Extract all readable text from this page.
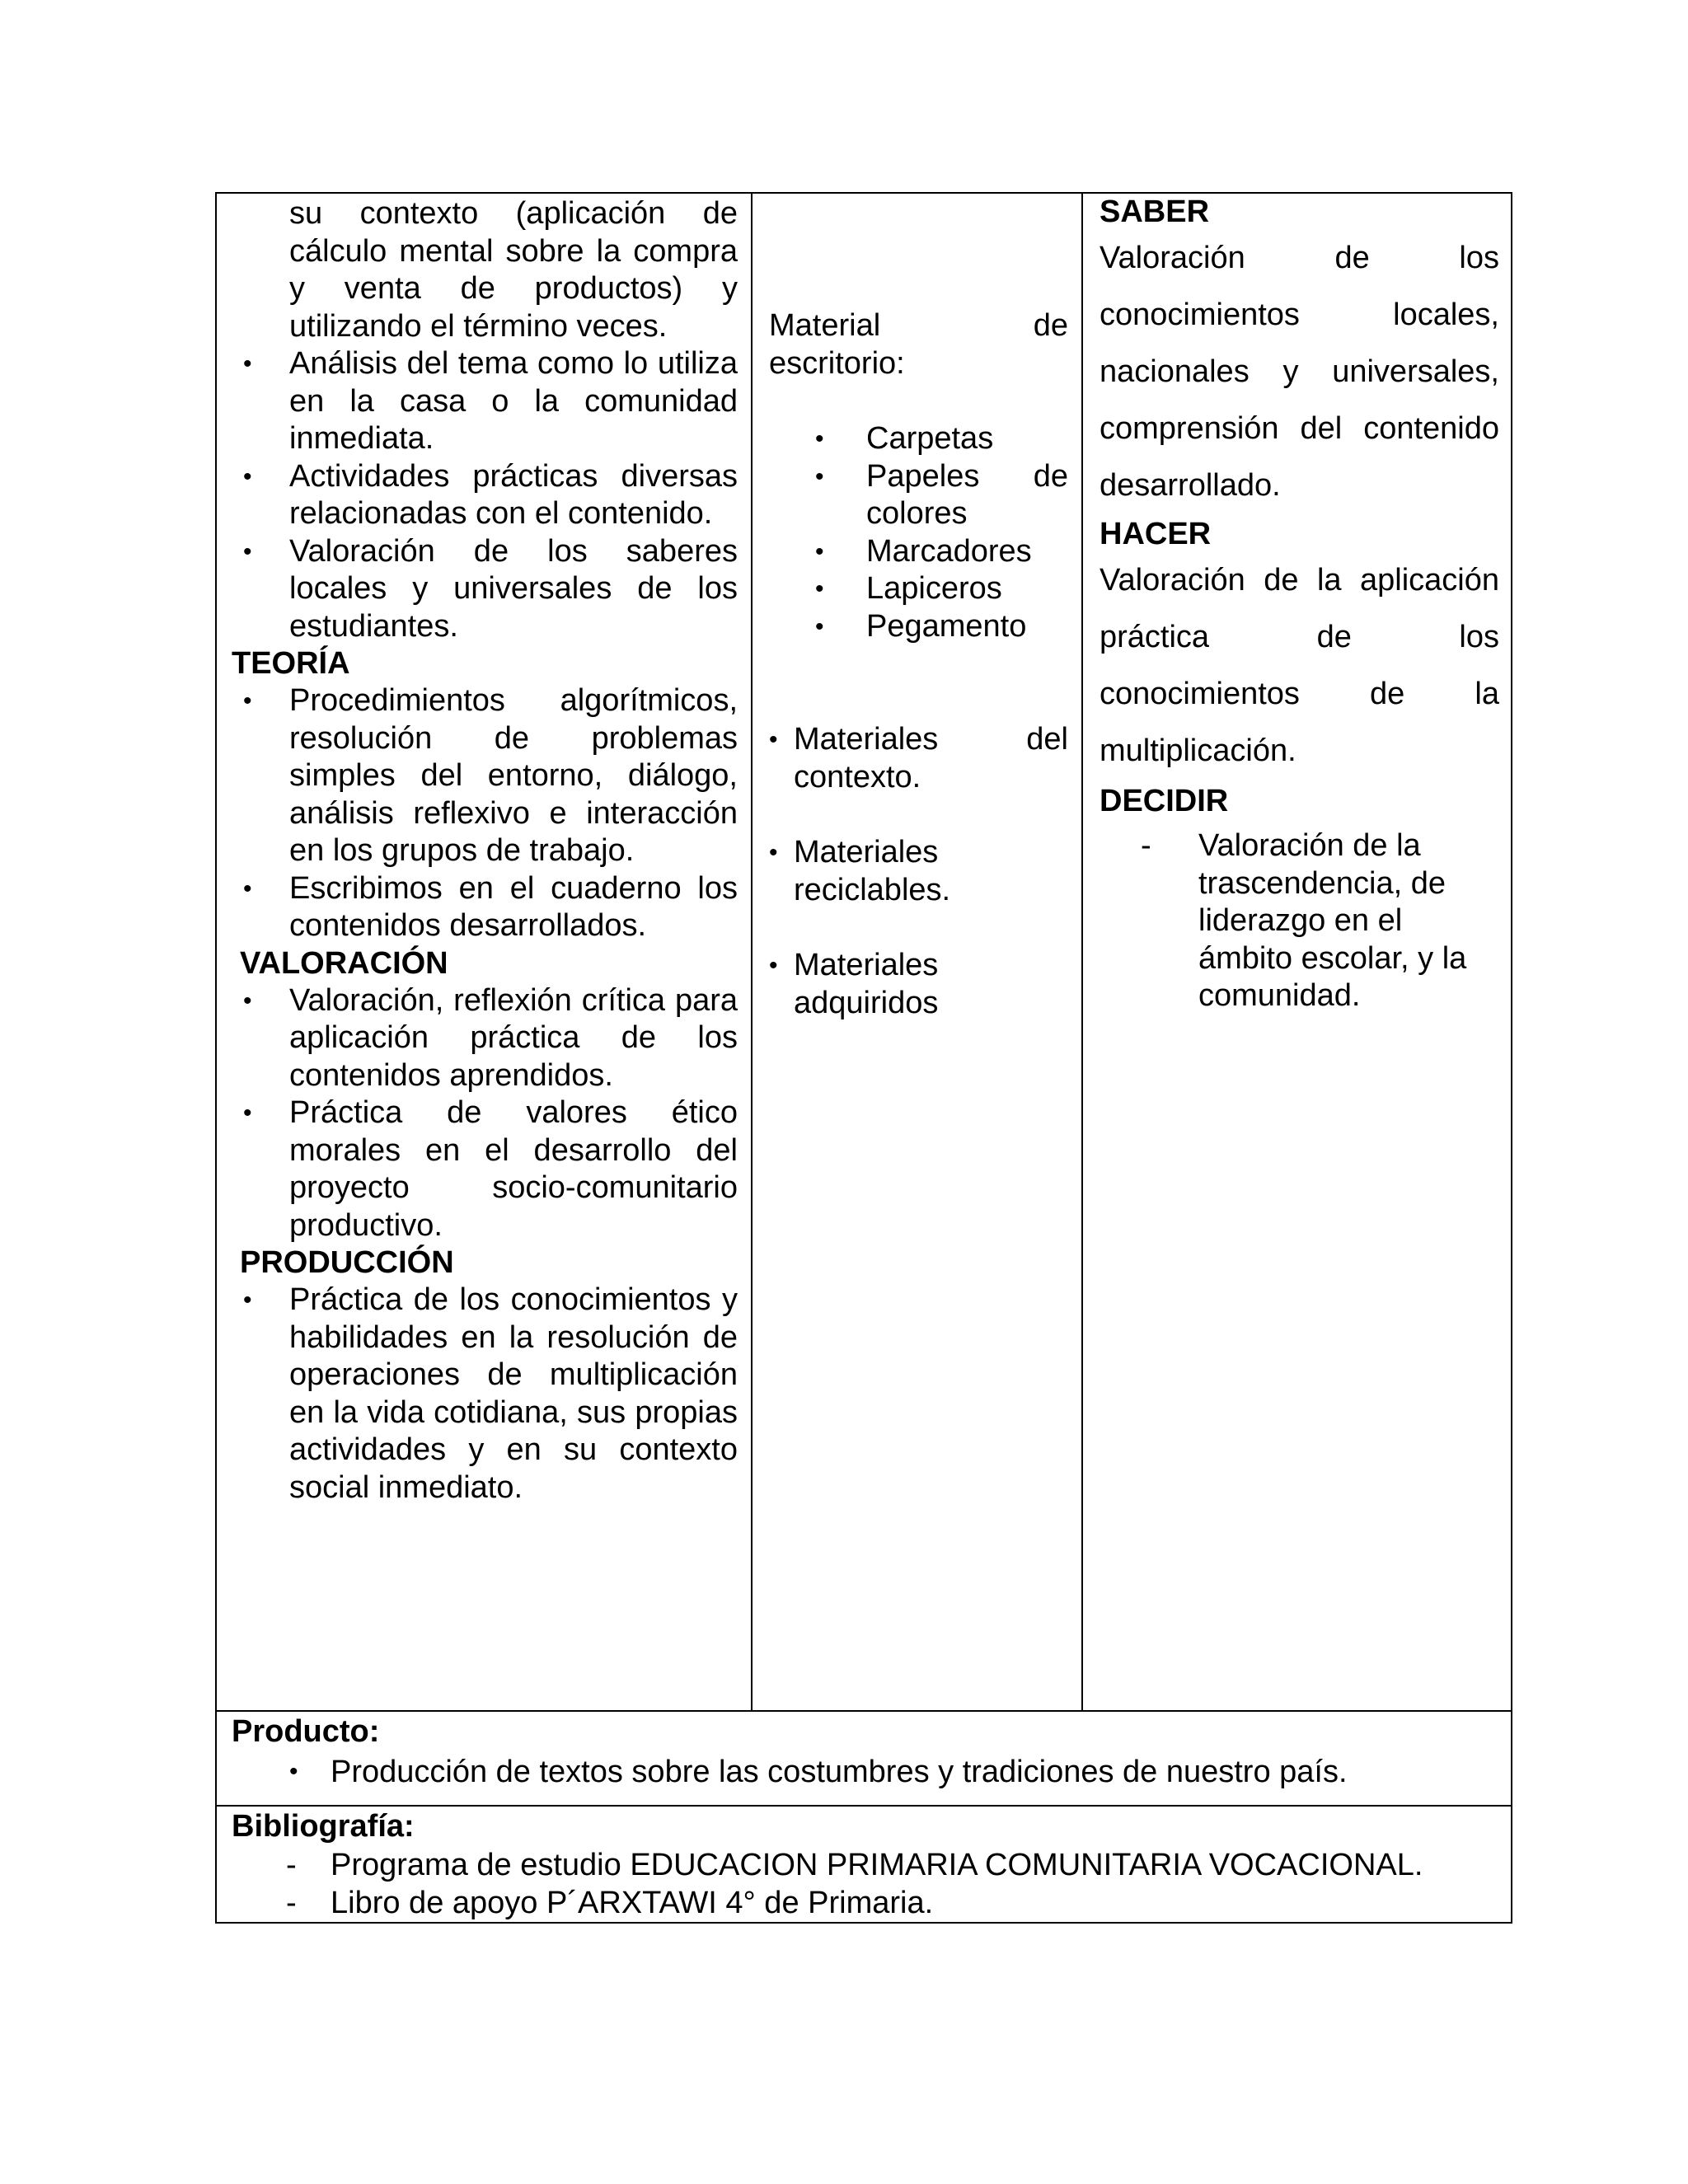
su contexto (aplicación de cálculo mental sobre la compra y venta de productos) y utilizando el término veces.
• Análisis del tema como lo utiliza en la casa o la comunidad inmediata.
• Actividades prácticas diversas relacionadas con el contenido.
• Valoración de los saberes locales y universales de los estudiantes.
TEORÍA
• Procedimientos algorítmicos, resolución de problemas simples del entorno, diálogo, análisis reflexivo e interacción en los grupos de trabajo.
• Escribimos en el cuaderno los contenidos desarrollados.
VALORACIÓN
• Valoración, reflexión crítica para aplicación práctica de los contenidos aprendidos.
• Práctica de valores ético morales en el desarrollo del proyecto socio-comunitario productivo.
PRODUCCIÓN
• Práctica de los conocimientos y habilidades en la resolución de operaciones de multiplicación en la vida cotidiana, sus propias actividades y en su contexto social inmediato.

Material de
escritorio:
• Carpetas
• Papeles de colores
• Marcadores
• Lapiceros
• Pegamento
• Materiales del contexto.
• Materiales reciclables.
• Materiales adquiridos

SABER

Valoración de los conocimientos locales, nacionales y universales, comprensión del contenido desarrollado.

HACER

Valoración de la aplicación práctica de los conocimientos de la multiplicación.

DECIDIR
- Valoración de la trascendencia, de liderazgo en el ámbito escolar, y la comunidad.

Producto:
• Producción de textos sobre las costumbres y tradiciones de nuestro país.

Bibliografía:
- Programa de estudio EDUCACION PRIMARIA COMUNITARIA VOCACIONAL.
- Libro de apoyo P´ARXTAWI 4° de Primaria.
